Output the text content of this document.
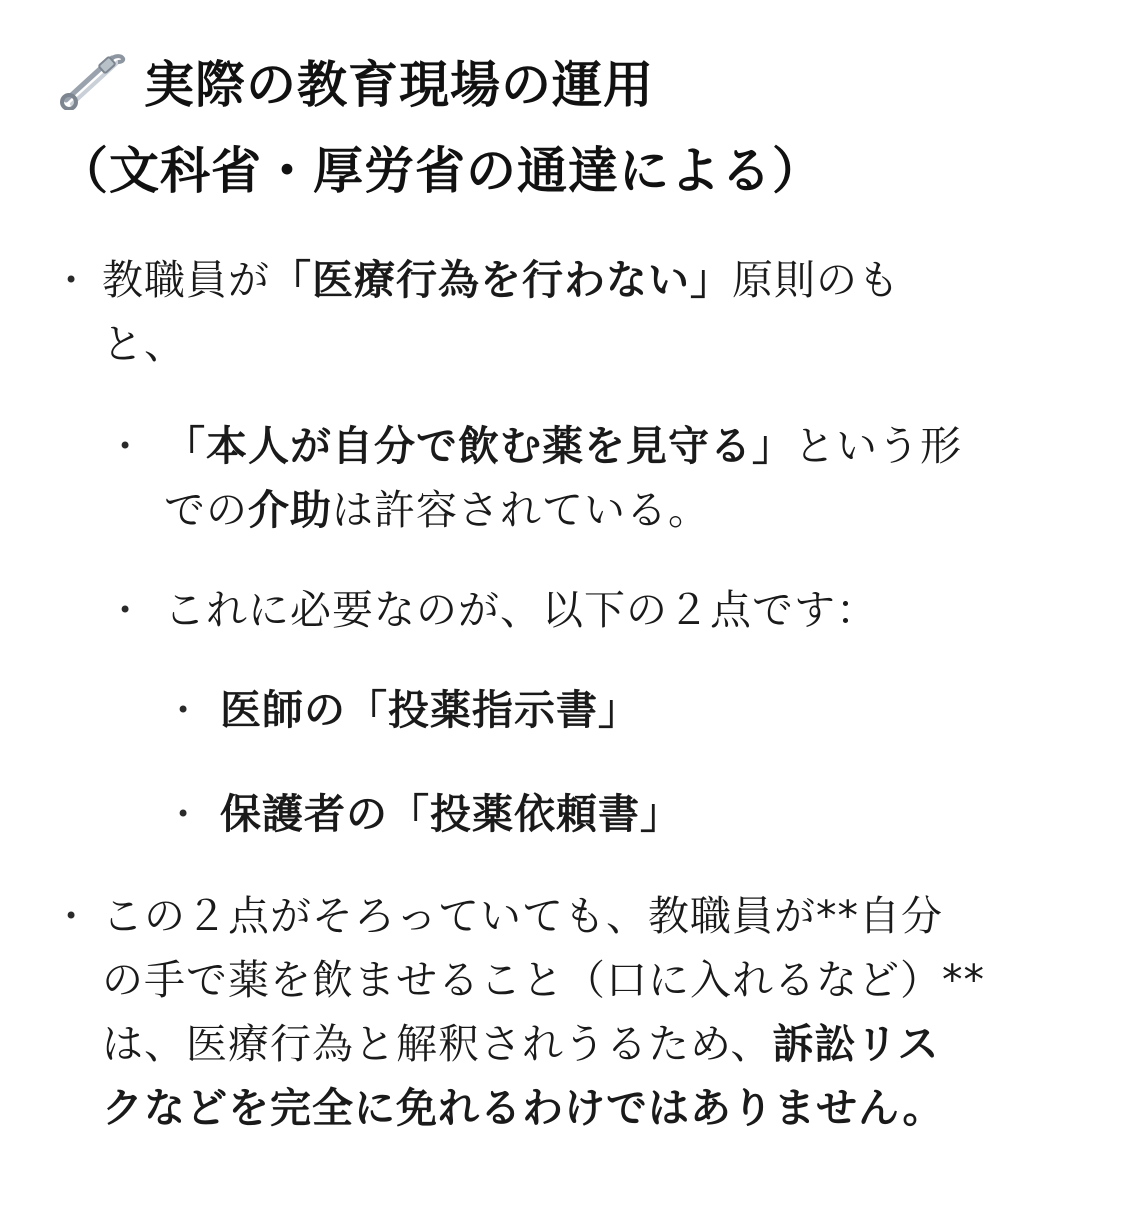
実際の教育現場の運用
（文科省・厚労省の通達による）
• 教職員が「医療行為を行わない」原則のも
と、
• 「本人が自分で飲む薬を見守る」という形
での介助は許容されている。
• これに必要なのが、以下の２点です：
• 医師の「投薬指示書」
• 保護者の「投薬依頼書」
• この２点がそろっていても、教職員が**自分
の手で薬を飲ませること（口に入れるなど）**
は、医療行為と解釈されうるため、訴訟リス
クなどを完全に免れるわけではありません。
